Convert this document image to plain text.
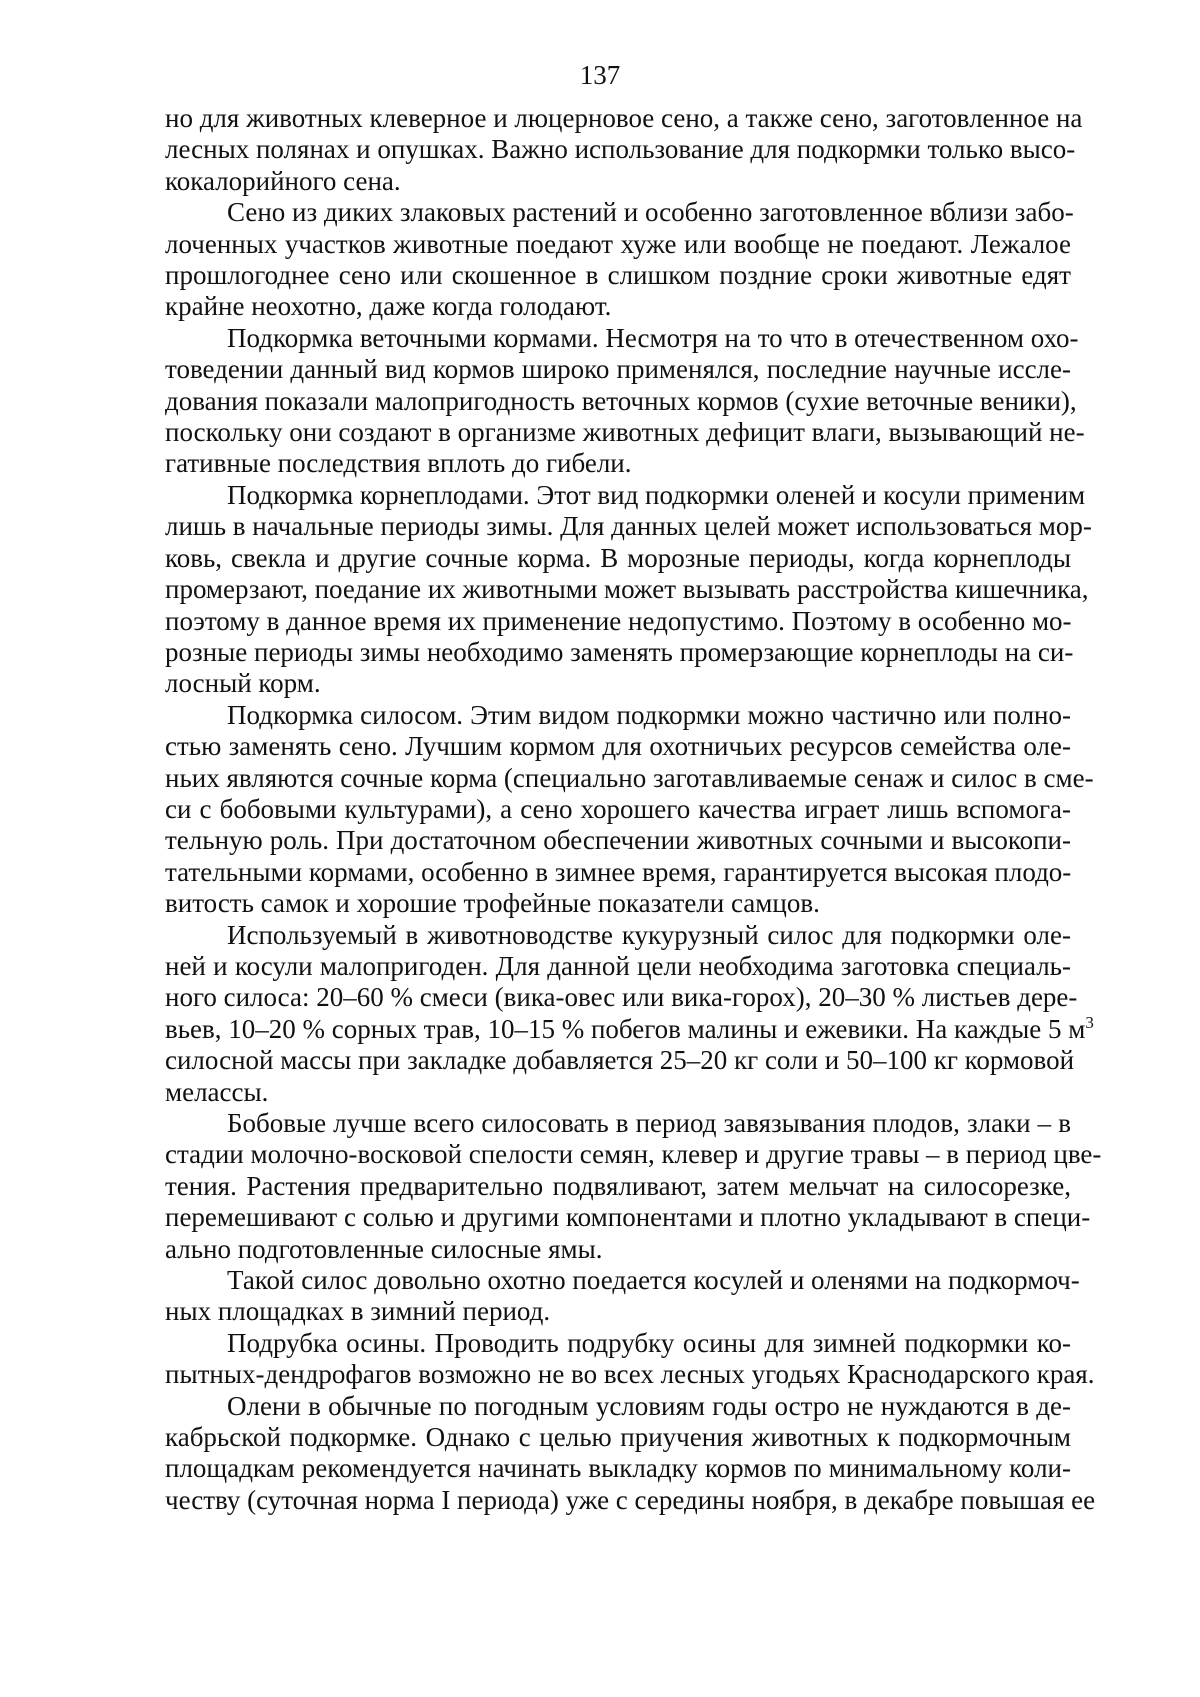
137
но для животных клеверное и люцерновое сено, а также сено, заготовленное на
лесных полянах и опушках. Важно использование для подкормки только высо-
кокалорийного сена.
Сено из диких злаковых растений и особенно заготовленное вблизи забо-
лоченных участков животные поедают хуже или вообще не поедают. Лежалое
прошлогоднее сено или скошенное в слишком поздние сроки животные едят
крайне неохотно, даже когда голодают.
Подкормка веточными кормами. Несмотря на то что в отечественном охо-
товедении данный вид кормов широко применялся, последние научные иссле-
дования показали малопригодность веточных кормов (сухие веточные веники),
поскольку они создают в организме животных дефицит влаги, вызывающий не-
гативные последствия вплоть до гибели.
Подкормка корнеплодами. Этот вид подкормки оленей и косули применим
лишь в начальные периоды зимы. Для данных целей может использоваться мор-
ковь, свекла и другие сочные корма. В морозные периоды, когда корнеплоды
промерзают, поедание их животными может вызывать расстройства кишечника,
поэтому в данное время их применение недопустимо. Поэтому в особенно мо-
розные периоды зимы необходимо заменять промерзающие корнеплоды на си-
лосный корм.
Подкормка силосом. Этим видом подкормки можно частично или полно-
стью заменять сено. Лучшим кормом для охотничьих ресурсов семейства оле-
ньих являются сочные корма (специально заготавливаемые сенаж и силос в сме-
си с бобовыми культурами), а сено хорошего качества играет лишь вспомога-
тельную роль. При достаточном обеспечении животных сочными и высокопи-
тательными кормами, особенно в зимнее время, гарантируется высокая плодо-
витость самок и хорошие трофейные показатели самцов.
Используемый в животноводстве кукурузный силос для подкормки оле-
ней и косули малопригоден. Для данной цели необходима заготовка специаль-
ного силоса: 20–60 % смеси (вика-овес или вика-горох), 20–30 % листьев дере-
вьев, 10–20 % сорных трав, 10–15 % побегов малины и ежевики. На каждые 5 $м^3$
силосной массы при закладке добавляется 25–20 кг соли и 50–100 кг кормовой
мелассы.
Бобовые лучше всего силосовать в период завязывания плодов, злаки – в
стадии молочно-восковой спелости семян, клевер и другие травы – в период цве-
тения. Растения предварительно подвяливают, затем мельчат на силосорезке,
перемешивают с солью и другими компонентами и плотно укладывают в специ-
ально подготовленные силосные ямы.
Такой силос довольно охотно поедается косулей и оленями на подкормоч-
ных площадках в зимний период.
Подрубка осины. Проводить подрубку осины для зимней подкормки ко-
пытных-дендрофагов возможно не во всех лесных угодьях Краснодарского края.
Олени в обычные по погодным условиям годы остро не нуждаются в де-
кабрьской подкормке. Однако с целью приучения животных к подкормочным
площадкам рекомендуется начинать выкладку кормов по минимальному коли-
честву (суточная норма I периода) уже с середины ноября, в декабре повышая ее
